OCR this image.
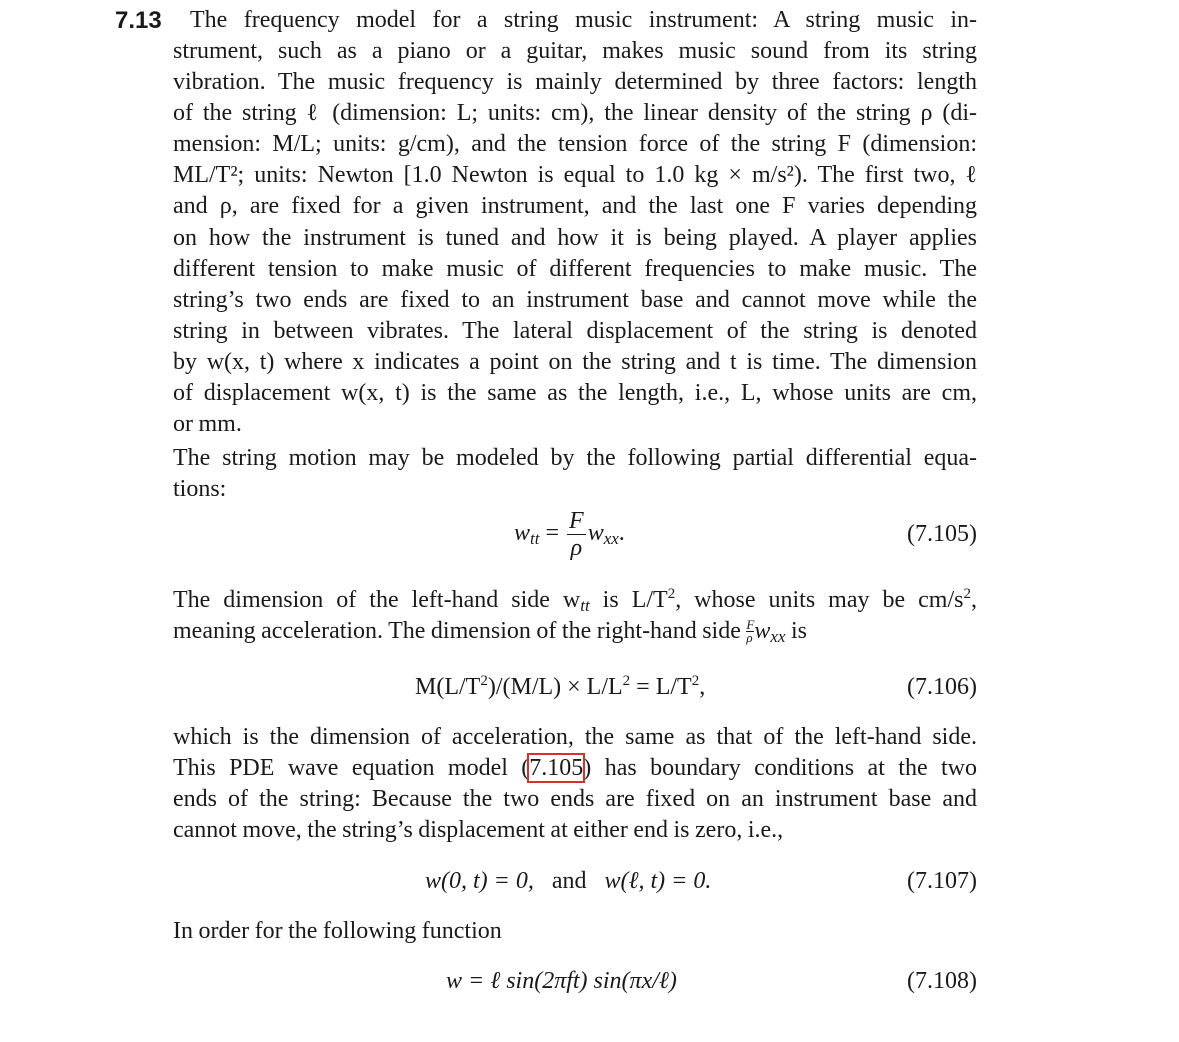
7.13 The frequency model for a string music instrument: A string music in-
strument, such as a piano or a guitar, makes music sound from its string
vibration. The music frequency is mainly determined by three factors: length
of the string ℓ (dimension: L; units: cm), the linear density of the string ρ (di-
mension: M/L; units: g/cm), and the tension force of the string F (dimension:
ML/T²; units: Newton [1.0 Newton is equal to 1.0 kg × m/s²). The first two, ℓ
and ρ, are fixed for a given instrument, and the last one F varies depending
on how the instrument is tuned and how it is being played. A player applies
different tension to make music of different frequencies to make music. The
string’s two ends are fixed to an instrument base and cannot move while the
string in between vibrates. The lateral displacement of the string is denoted
by w(x, t) where x indicates a point on the string and t is time. The dimension
of displacement w(x, t) is the same as the length, i.e., L, whose units are cm,
or mm.
The string motion may be modeled by the following partial differential equa-
tions:
$w_{tt} = \frac{F}{\rho} w_{xx}$.	(7.105)
The dimension of the left-hand side $w_{tt}$ is $L/T^2$, whose units may be $cm/s^2$,
meaning acceleration. The dimension of the right-hand side $\frac{F}{\rho} w_{xx}$ is
$M(L/T^2)/(M/L) \times L/L^2 = L/T^2$,	(7.106)
which is the dimension of acceleration, the same as that of the left-hand side.
This PDE wave equation model (7.105) has boundary conditions at the two
ends of the string: Because the two ends are fixed on an instrument base and
cannot move, the string’s displacement at either end is zero, i.e.,
w(0, t) = 0, and w(ℓ, t) = 0.	(7.107)
In order for the following function
w = ℓ sin(2πft) sin(πx/ℓ)	(7.108)
